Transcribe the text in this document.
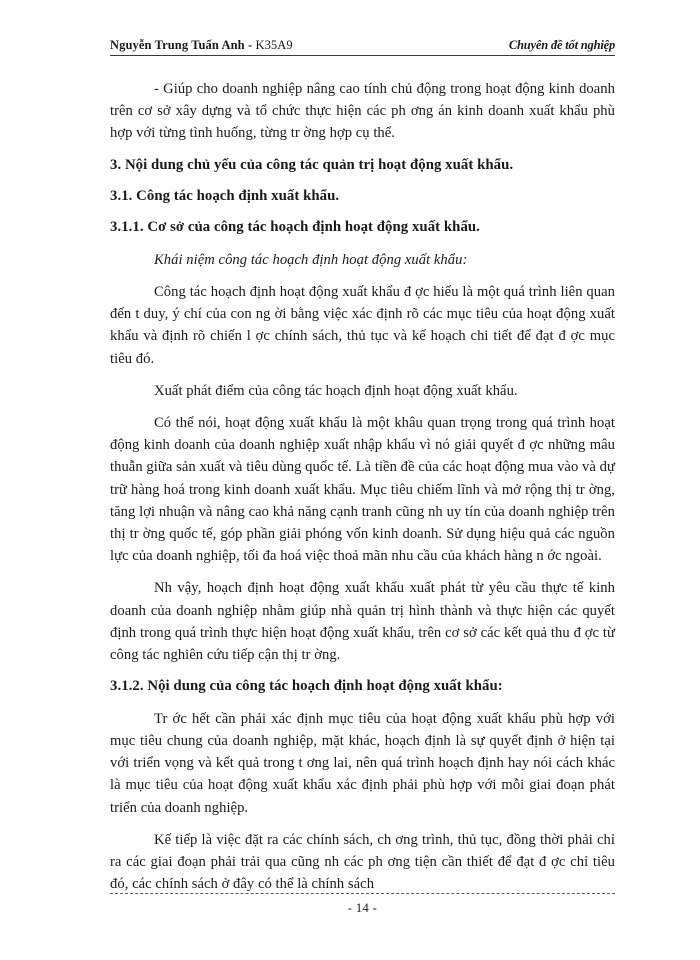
Nguyễn Trung Tuấn Anh - K35A9	Chuyên đề tốt nghiệp

- Giúp cho doanh nghiệp nâng cao tính chủ động trong hoạt động kinh doanh trên cơ sở xây dựng và tổ chức thực hiện các ph ơng án kinh doanh xuất khẩu phù hợp với từng tình huống, từng tr ờng hợp cụ thể.

3. Nội dung chủ yếu của công tác quản trị hoạt động xuất khẩu.
3.1. Công tác hoạch định xuất khẩu.
3.1.1. Cơ sở của công tác hoạch định hoạt động xuất khẩu.

Khái niệm công tác hoạch định hoạt động xuất khẩu:

Công tác hoạch định hoạt động xuất khẩu đ ợc hiểu là một quá trình liên quan đến t duy, ý chí của con ng ời bằng việc xác định rõ các mục tiêu của hoạt động xuất khẩu và định rõ chiến l ợc chính sách, thủ tục và kế hoạch chi tiết để đạt đ ợc mục tiêu đó.

Xuất phát điểm của công tác hoạch định hoạt động xuất khẩu.

Có thể nói, hoạt động xuất khẩu là một khâu quan trọng trong quá trình hoạt động kinh doanh của doanh nghiệp xuất nhập khẩu vì nó giải quyết đ ợc những mâu thuẫn giữa sản xuất và tiêu dùng quốc tế. Là tiền đề của các hoạt động mua vào và dự trữ hàng hoá trong kinh doanh xuất khẩu. Mục tiêu chiếm lĩnh và mở rộng thị tr ờng, tăng lợi nhuận và nâng cao khả năng cạnh tranh cũng nh uy tín của doanh nghiệp trên thị tr ờng quốc tế, góp phần giải phóng vốn kinh doanh. Sử dụng hiệu quả các nguồn lực của doanh nghiệp, tối đa hoá việc thoả mãn nhu cầu của khách hàng n ớc ngoài.

Nh vậy, hoạch định hoạt động xuất khẩu xuất phát từ yêu cầu thực tế kinh doanh của doanh nghiệp nhằm giúp nhà quản trị hình thành và thực hiện các quyết định trong quá trình thực hiện hoạt động xuất khẩu, trên cơ sở các kết quả thu đ ợc từ công tác nghiên cứu tiếp cận thị tr ờng.

3.1.2. Nội dung của công tác hoạch định hoạt động xuất khẩu:

Tr ớc hết cần phải xác định mục tiêu của hoạt động xuất khẩu phù hợp với mục tiêu chung của doanh nghiệp, mặt khác, hoạch định là sự quyết định ở hiện tại với triển vọng và kết quả trong t ơng lai, nên quá trình hoạch định hay nói cách khác là mục tiêu của hoạt động xuất khẩu xác định phải phù hợp với mỗi giai đoạn phát triển của doanh nghiệp.

Kế tiếp là việc đặt ra các chính sách, ch ơng trình, thủ tục, đồng thời phải chỉ ra các giai đoạn phải trải qua cũng nh các ph ơng tiện cần thiết để đạt đ ợc chỉ tiêu đó, các chính sách ở đây có thể là chính sách

- 14 -
